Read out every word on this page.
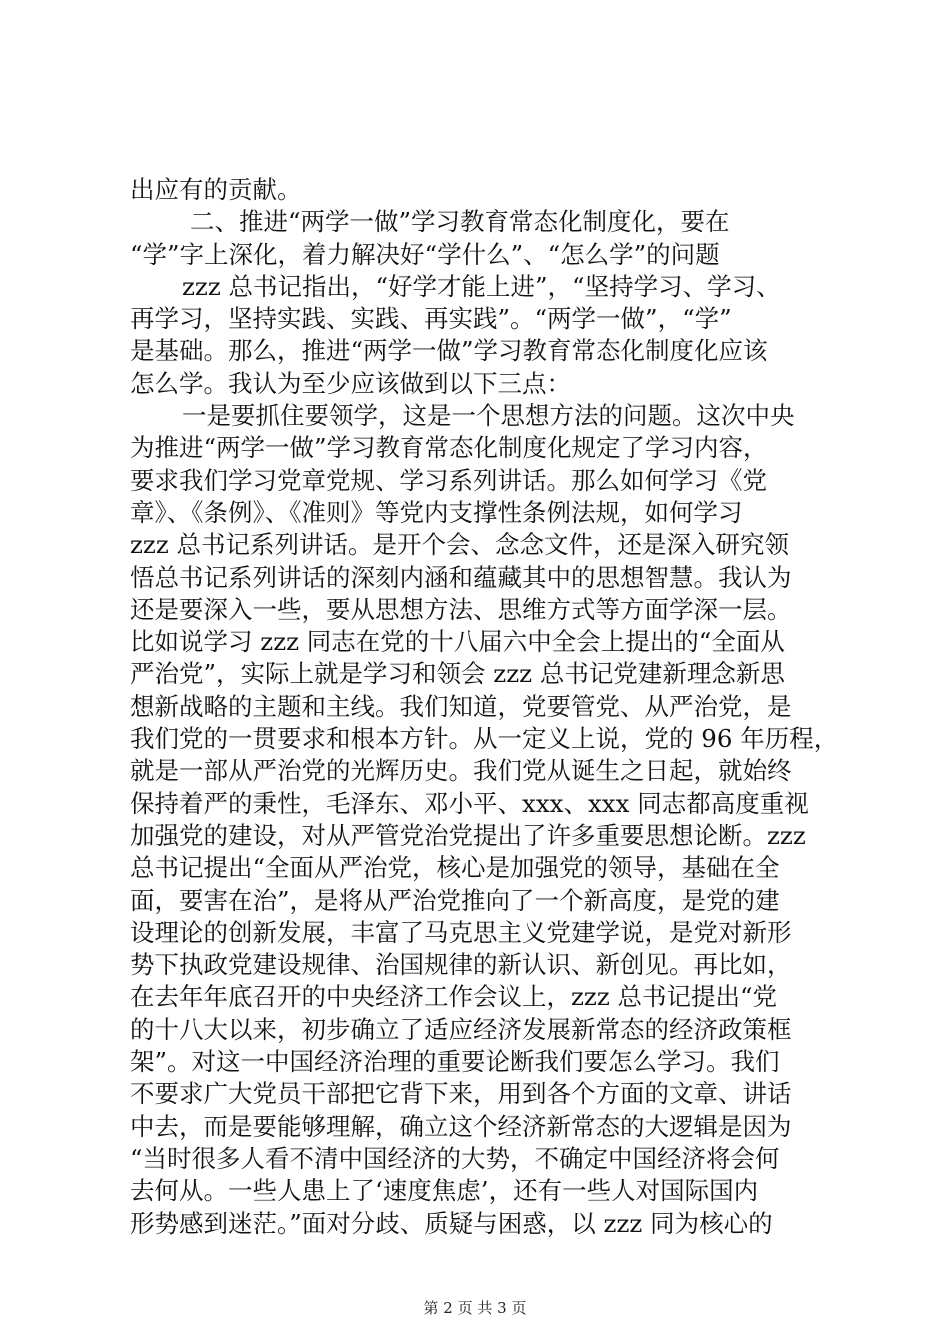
出应有的贡献。
二、推进“两学一做”学习教育常态化制度化，要在
“学”字上深化，着力解决好“学什么”、“怎么学”的问题
zzz 总书记指出，“好学才能上进”，“坚持学习、学习、
再学习，坚持实践、实践、再实践”。“两学一做”，“学”
是基础。那么，推进“两学一做”学习教育常态化制度化应该
怎么学。我认为至少应该做到以下三点：
一是要抓住要领学，这是一个思想方法的问题。这次中央
为推进“两学一做”学习教育常态化制度化规定了学习内容，
要求我们学习党章党规、学习系列讲话。那么如何学习《党
章》、《条例》、《准则》等党内支撑性条例法规，如何学习
zzz 总书记系列讲话。是开个会、念念文件，还是深入研究领
悟总书记系列讲话的深刻内涵和蕴藏其中的思想智慧。我认为
还是要深入一些，要从思想方法、思维方式等方面学深一层。
比如说学习 zzz 同志在党的十八届六中全会上提出的“全面从
严治党”，实际上就是学习和领会 zzz 总书记党建新理念新思
想新战略的主题和主线。我们知道，党要管党、从严治党，是
我们党的一贯要求和根本方针。从一定义上说，党的 96 年历程，
就是一部从严治党的光辉历史。我们党从诞生之日起，就始终
保持着严的秉性，毛泽东、邓小平、xxx、xxx 同志都高度重视
加强党的建设，对从严管党治党提出了许多重要思想论断。zzz
总书记提出“全面从严治党，核心是加强党的领导，基础在全
面，要害在治”，是将从严治党推向了一个新高度，是党的建
设理论的创新发展，丰富了马克思主义党建学说，是党对新形
势下执政党建设规律、治国规律的新认识、新创见。再比如，
在去年年底召开的中央经济工作会议上，zzz 总书记提出“党
的十八大以来，初步确立了适应经济发展新常态的经济政策框
架”。对这一中国经济治理的重要论断我们要怎么学习。我们
不要求广大党员干部把它背下来，用到各个方面的文章、讲话
中去，而是要能够理解，确立这个经济新常态的大逻辑是因为
“当时很多人看不清中国经济的大势，不确定中国经济将会何
去何从。一些人患上了‘速度焦虑’，还有一些人对国际国内
形势感到迷茫。”面对分歧、质疑与困惑，以 zzz 同为核心的
第 2 页 共 3 页
